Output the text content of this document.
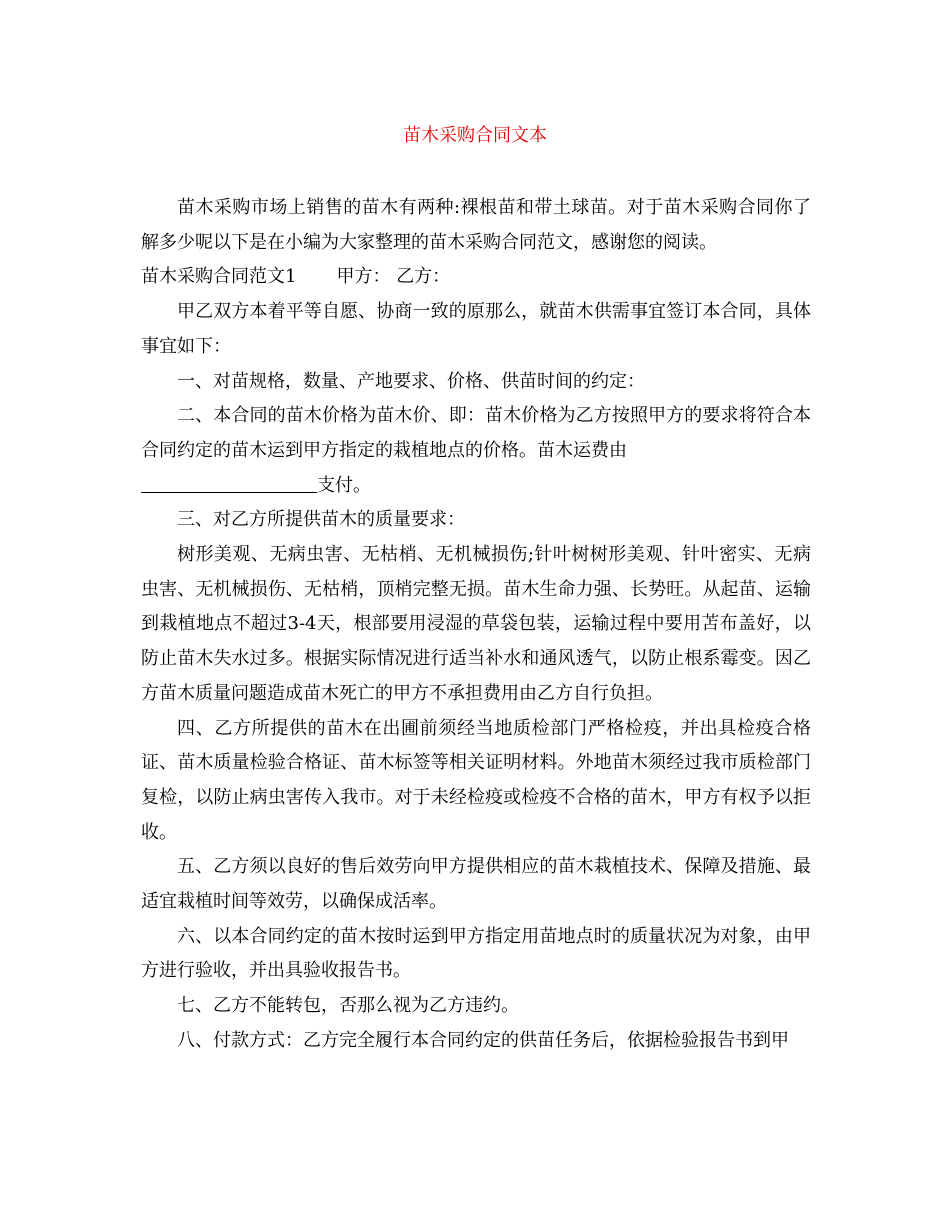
苗木采购合同文本

苗木采购市场上销售的苗木有两种:裸根苗和带土球苗。对于苗木采购合同你了解多少呢以下是在小编为大家整理的苗木采购合同范文，感谢您的阅读。

苗木采购合同范文1 甲方： 乙方：

甲乙双方本着平等自愿、协商一致的原那么，就苗木供需事宜签订本合同，具体事宜如下：

一、对苗规格，数量、产地要求、价格、供苗时间的约定：

二、本合同的苗木价格为苗木价、即：苗木价格为乙方按照甲方的要求将符合本合同约定的苗木运到甲方指定的栽植地点的价格。苗木运费由
支付。

三、对乙方所提供苗木的质量要求：

树形美观、无病虫害、无枯梢、无机械损伤;针叶树树形美观、针叶密实、无病虫害、无机械损伤、无枯梢，顶梢完整无损。苗木生命力强、长势旺。从起苗、运输到栽植地点不超过3-4天，根部要用浸湿的草袋包装，运输过程中要用苫布盖好，以防止苗木失水过多。根据实际情况进行适当补水和通风透气，以防止根系霉变。因乙方苗木质量问题造成苗木死亡的甲方不承担费用由乙方自行负担。

四、乙方所提供的苗木在出圃前须经当地质检部门严格检疫，并出具检疫合格证、苗木质量检验合格证、苗木标签等相关证明材料。外地苗木须经过我市质检部门复检，以防止病虫害传入我市。对于未经检疫或检疫不合格的苗木，甲方有权予以拒收。

五、乙方须以良好的售后效劳向甲方提供相应的苗木栽植技术、保障及措施、最适宜栽植时间等效劳，以确保成活率。

六、以本合同约定的苗木按时运到甲方指定用苗地点时的质量状况为对象，由甲方进行验收，并出具验收报告书。

七、乙方不能转包，否那么视为乙方违约。

八、付款方式：乙方完全履行本合同约定的供苗任务后，依据检验报告书到甲
